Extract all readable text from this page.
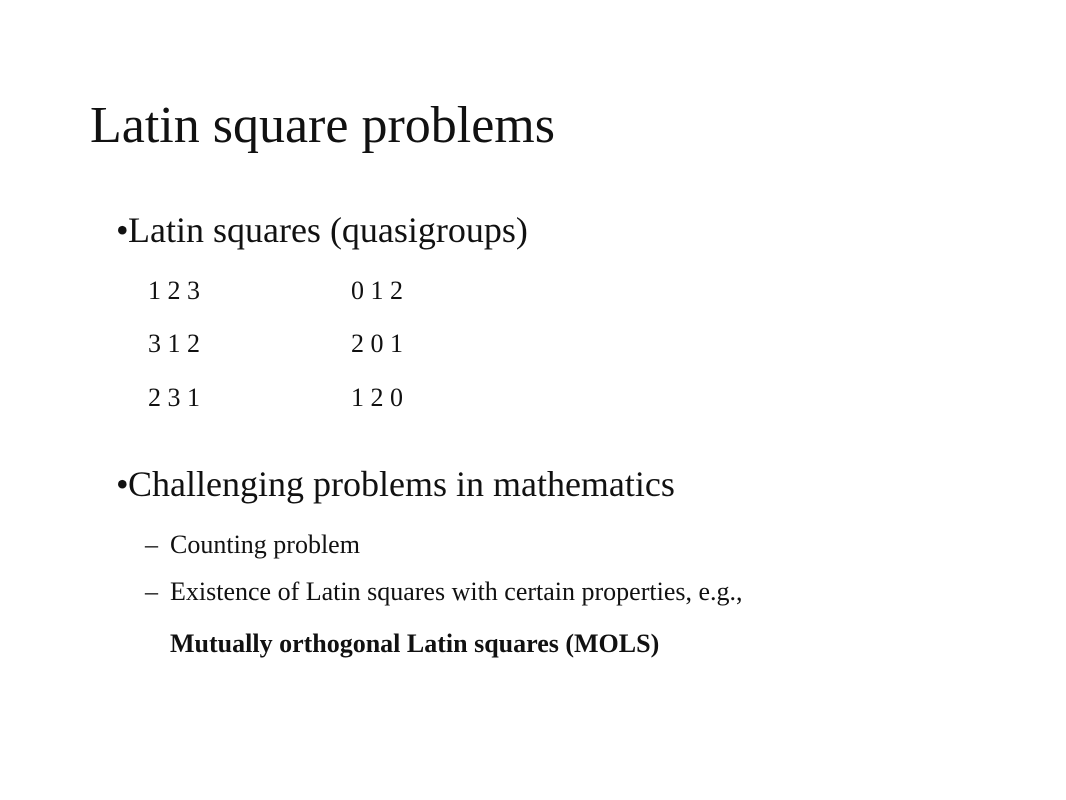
Latin square problems
• Latin squares (quasigroups)
1 2 3
3 1 2
2 3 1
0 1 2
2 0 1
1 2 0
• Challenging problems in mathematics
– Counting problem
– Existence of Latin squares with certain properties, e.g.,
Mutually orthogonal Latin squares (MOLS)
